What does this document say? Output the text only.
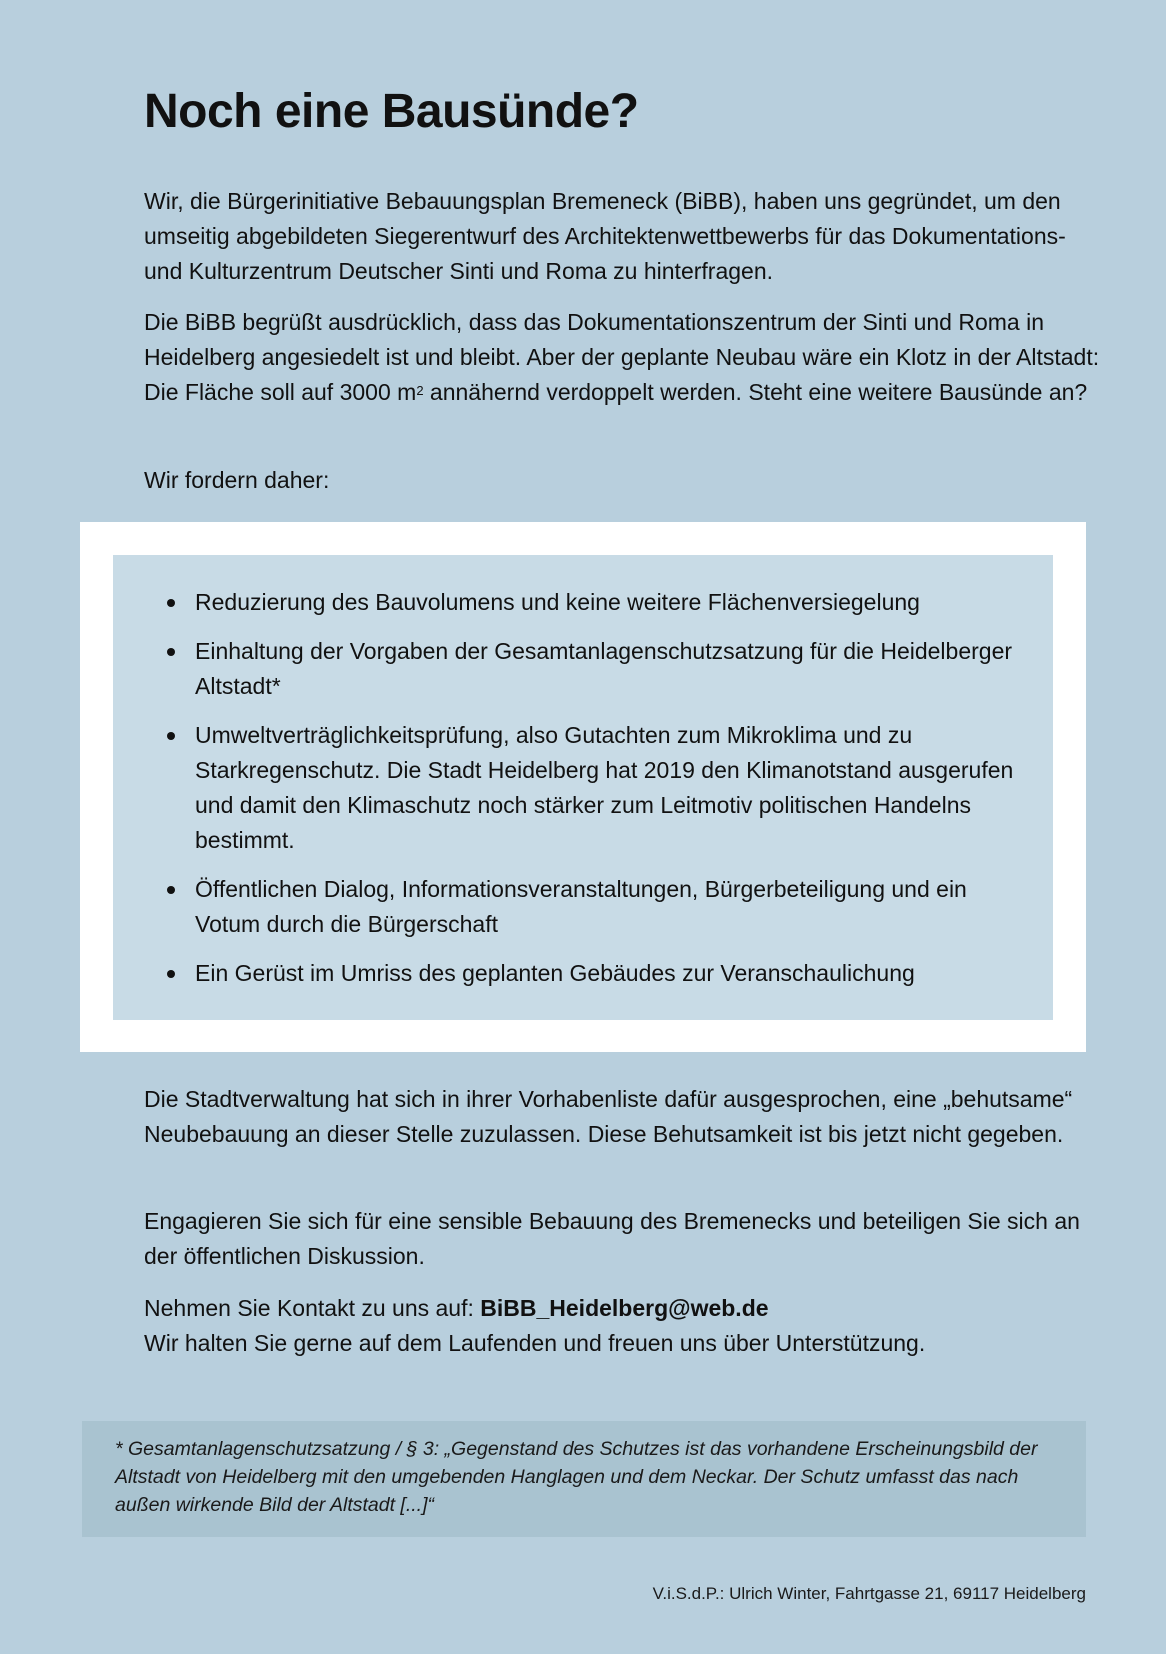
Noch eine Bausünde?

Wir, die Bürgerinitiative Bebauungsplan Bremeneck (BiBB), haben uns gegründet, um den umseitig abgebildeten Siegerentwurf des Architektenwettbewerbs für das Dokumentations- und Kulturzentrum Deutscher Sinti und Roma zu hinterfragen.

Die BiBB begrüßt ausdrücklich, dass das Dokumentationszentrum der Sinti und Roma in Heidelberg angesiedelt ist und bleibt. Aber der geplante Neubau wäre ein Klotz in der Altstadt: Die Fläche soll auf 3000 $m^2$ annähernd verdoppelt werden. Steht eine weitere Bausünde an?

Wir fordern daher:

Reduzierung des Bauvolumens und keine weitere Flächenversiegelung
Einhaltung der Vorgaben der Gesamtanlagenschutzsatzung für die Heidelberger Altstadt*
Umweltverträglichkeitsprüfung, also Gutachten zum Mikroklima und zu Starkregenschutz. Die Stadt Heidelberg hat 2019 den Klimanotstand ausgerufen und damit den Klimaschutz noch stärker zum Leitmotiv politischen Handelns bestimmt.
Öffentlichen Dialog, Informationsveranstaltungen, Bürgerbeteiligung und ein Votum durch die Bürgerschaft
Ein Gerüst im Umriss des geplanten Gebäudes zur Veranschaulichung

Die Stadtverwaltung hat sich in ihrer Vorhabenliste dafür ausgesprochen, eine „behutsame“ Neubebauung an dieser Stelle zuzulassen. Diese Behutsamkeit ist bis jetzt nicht gegeben.

Engagieren Sie sich für eine sensible Bebauung des Bremenecks und beteiligen Sie sich an der öffentlichen Diskussion.

Nehmen Sie Kontakt zu uns auf: BiBB_Heidelberg@web.de
Wir halten Sie gerne auf dem Laufenden und freuen uns über Unterstützung.

* Gesamtanlagenschutzsatzung / § 3: „Gegenstand des Schutzes ist das vorhandene Erscheinungsbild der Altstadt von Heidelberg mit den umgebenden Hanglagen und dem Neckar. Der Schutz umfasst das nach außen wirkende Bild der Altstadt [...]“

V.i.S.d.P.: Ulrich Winter, Fahrtgasse 21, 69117 Heidelberg
